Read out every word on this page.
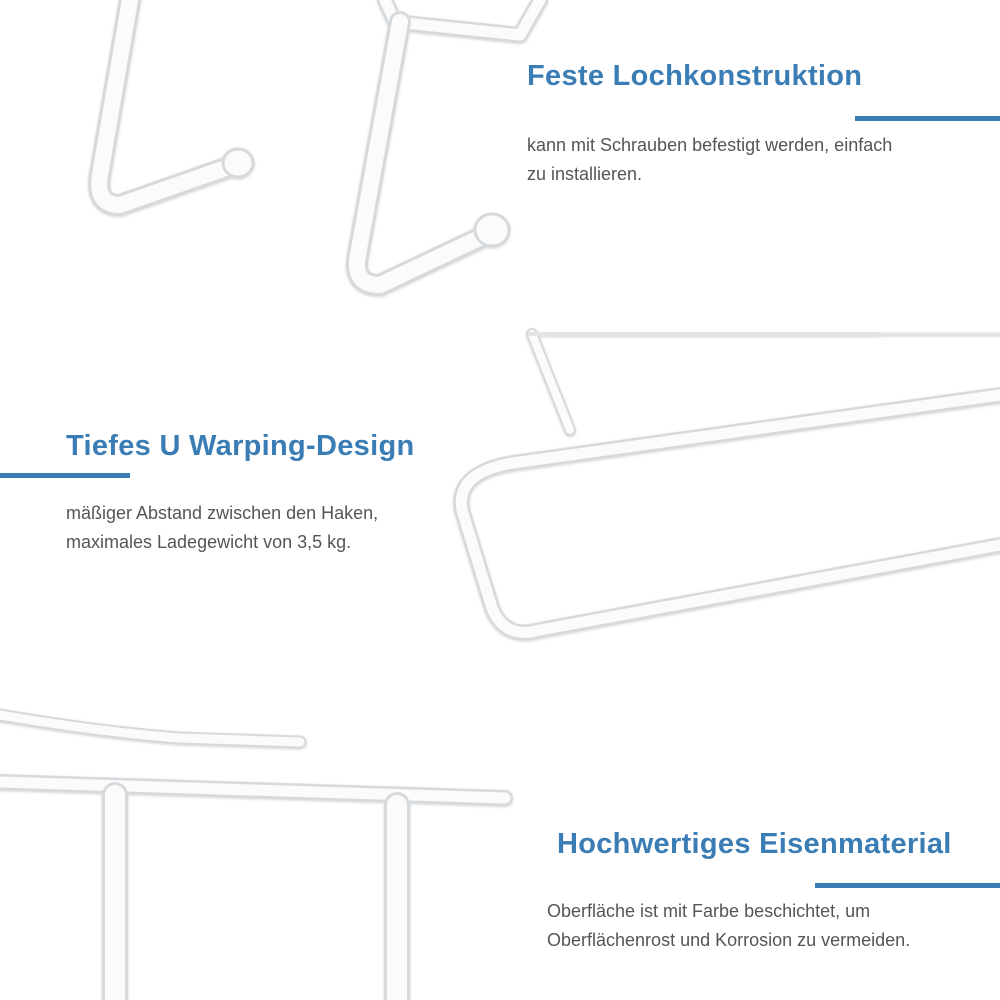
Feste Lochkonstruktion

kann mit Schrauben befestigt werden, einfach
zu installieren.

Tiefes U Warping-Design

mäßiger Abstand zwischen den Haken,
maximales Ladegewicht von 3,5 kg.

Hochwertiges Eisenmaterial

Oberfläche ist mit Farbe beschichtet, um
Oberflächenrost und Korrosion zu vermeiden.
